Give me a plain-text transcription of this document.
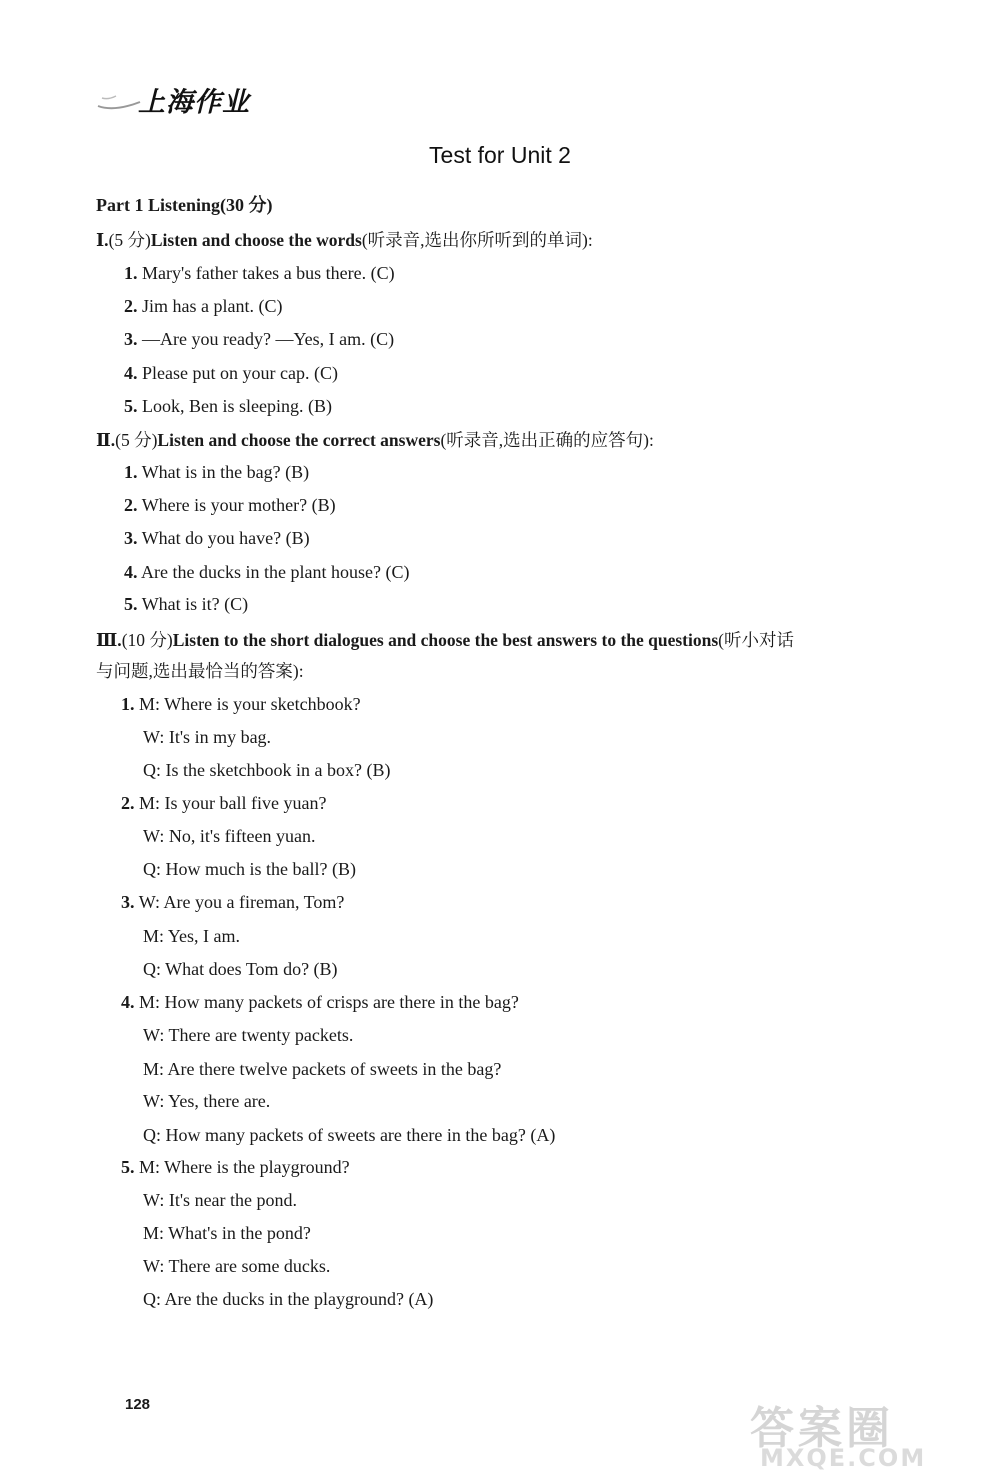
上海作业
Test for Unit 2
Part 1 Listening(30 分)
Ⅰ.(5 分)Listen and choose the words(听录音,选出你所听到的单词):
1. Mary's father takes a bus there. (C)
2. Jim has a plant. (C)
3. —Are you ready? —Yes, I am. (C)
4. Please put on your cap. (C)
5. Look, Ben is sleeping. (B)
Ⅱ.(5 分)Listen and choose the correct answers(听录音,选出正确的应答句):
1. What is in the bag? (B)
2. Where is your mother? (B)
3. What do you have? (B)
4. Are the ducks in the plant house? (C)
5. What is it? (C)
Ⅲ.(10 分)Listen to the short dialogues and choose the best answers to the questions(听小对话
与问题,选出最恰当的答案):
1. M: Where is your sketchbook?
W: It's in my bag.
Q: Is the sketchbook in a box? (B)
2. M: Is your ball five yuan?
W: No, it's fifteen yuan.
Q: How much is the ball? (B)
3. W: Are you a fireman, Tom?
M: Yes, I am.
Q: What does Tom do? (B)
4. M: How many packets of crisps are there in the bag?
W: There are twenty packets.
M: Are there twelve packets of sweets in the bag?
W: Yes, there are.
Q: How many packets of sweets are there in the bag? (A)
5. M: Where is the playground?
W: It's near the pond.
M: What's in the pond?
W: There are some ducks.
Q: Are the ducks in the playground? (A)
128	答案圈
MXQE.COM
